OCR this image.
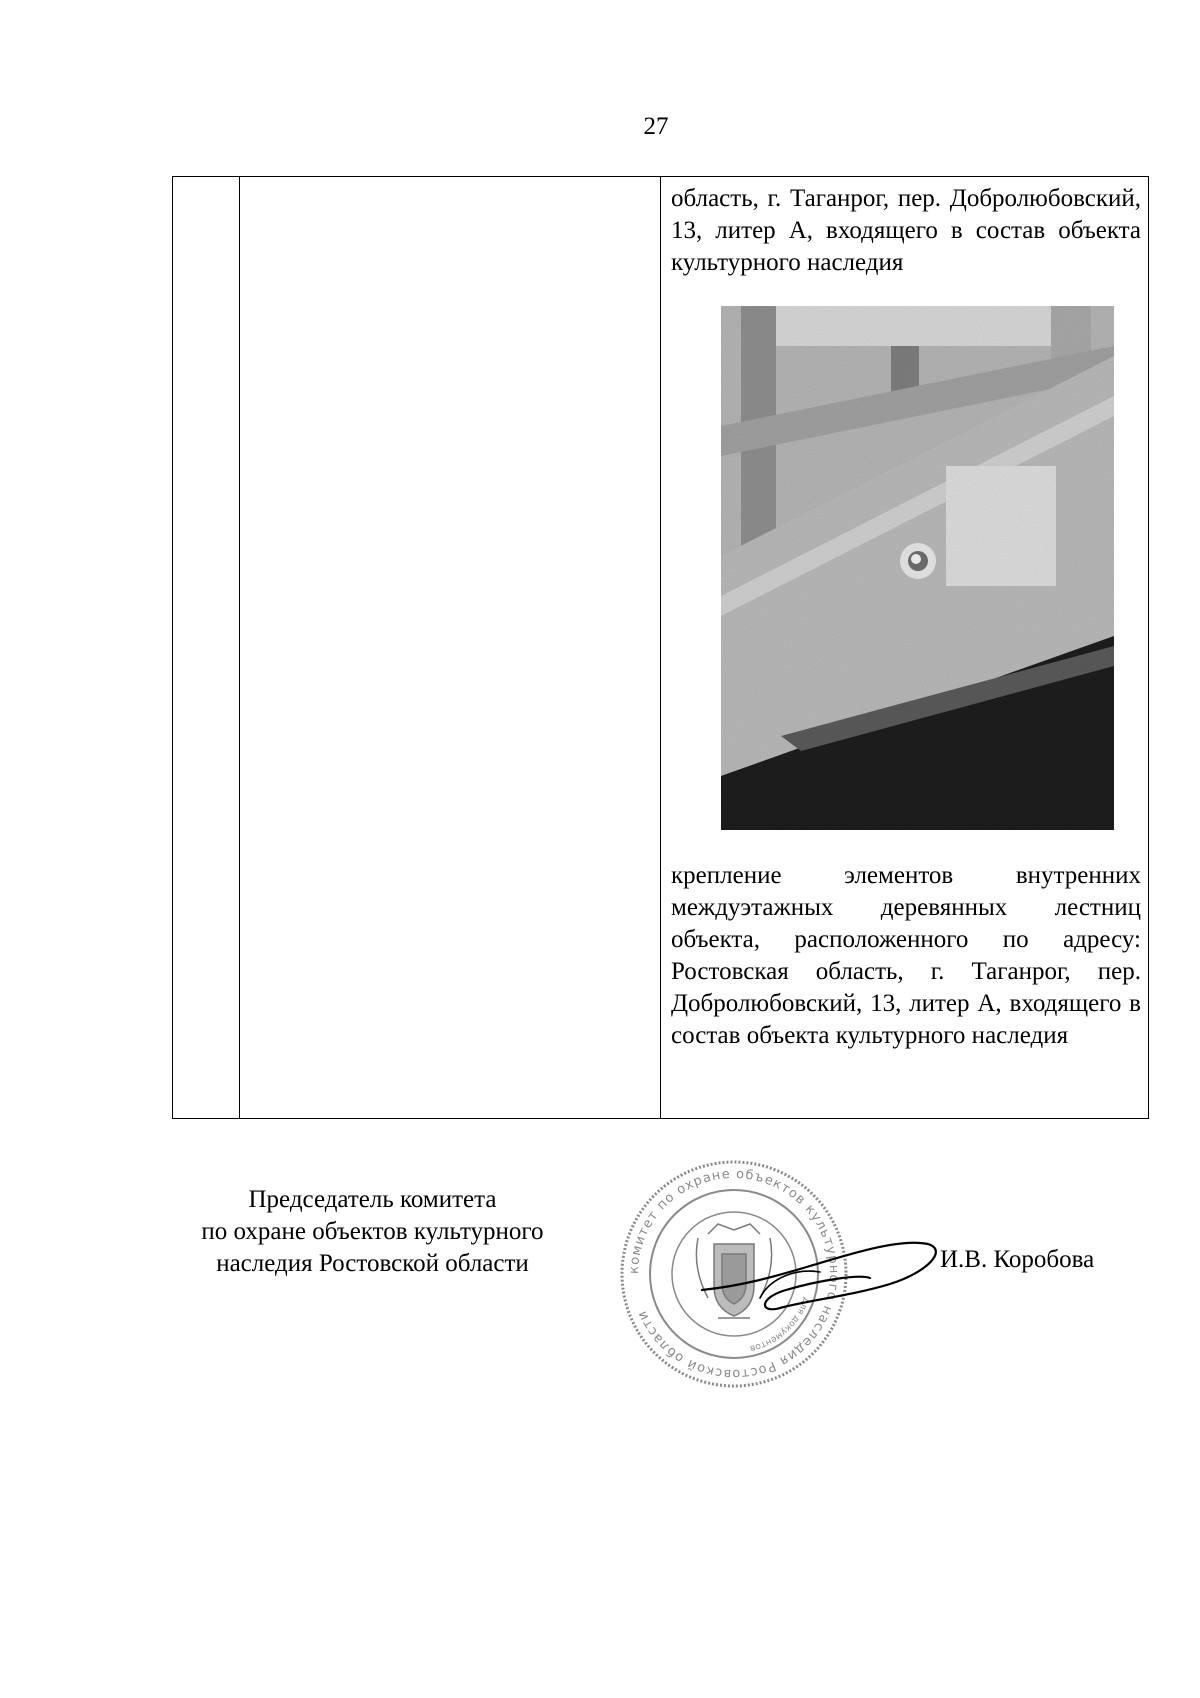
27

область, г. Таганрог, пер. Добролюбовский, 13, литер А, входящего в состав объекта культурного наследия

крепление элементов внутренних междуэтажных деревянных лестниц объекта, расположенного по адресу: Ростовская область, г. Таганрог, пер. Добролюбовский, 13, литер А, входящего в состав объекта культурного наследия

Председатель комитета
по охране объектов культурного
наследия Ростовской области	комитет по охране объектов культурного наследия Ростовской области
для документов
И.В. Коробова
